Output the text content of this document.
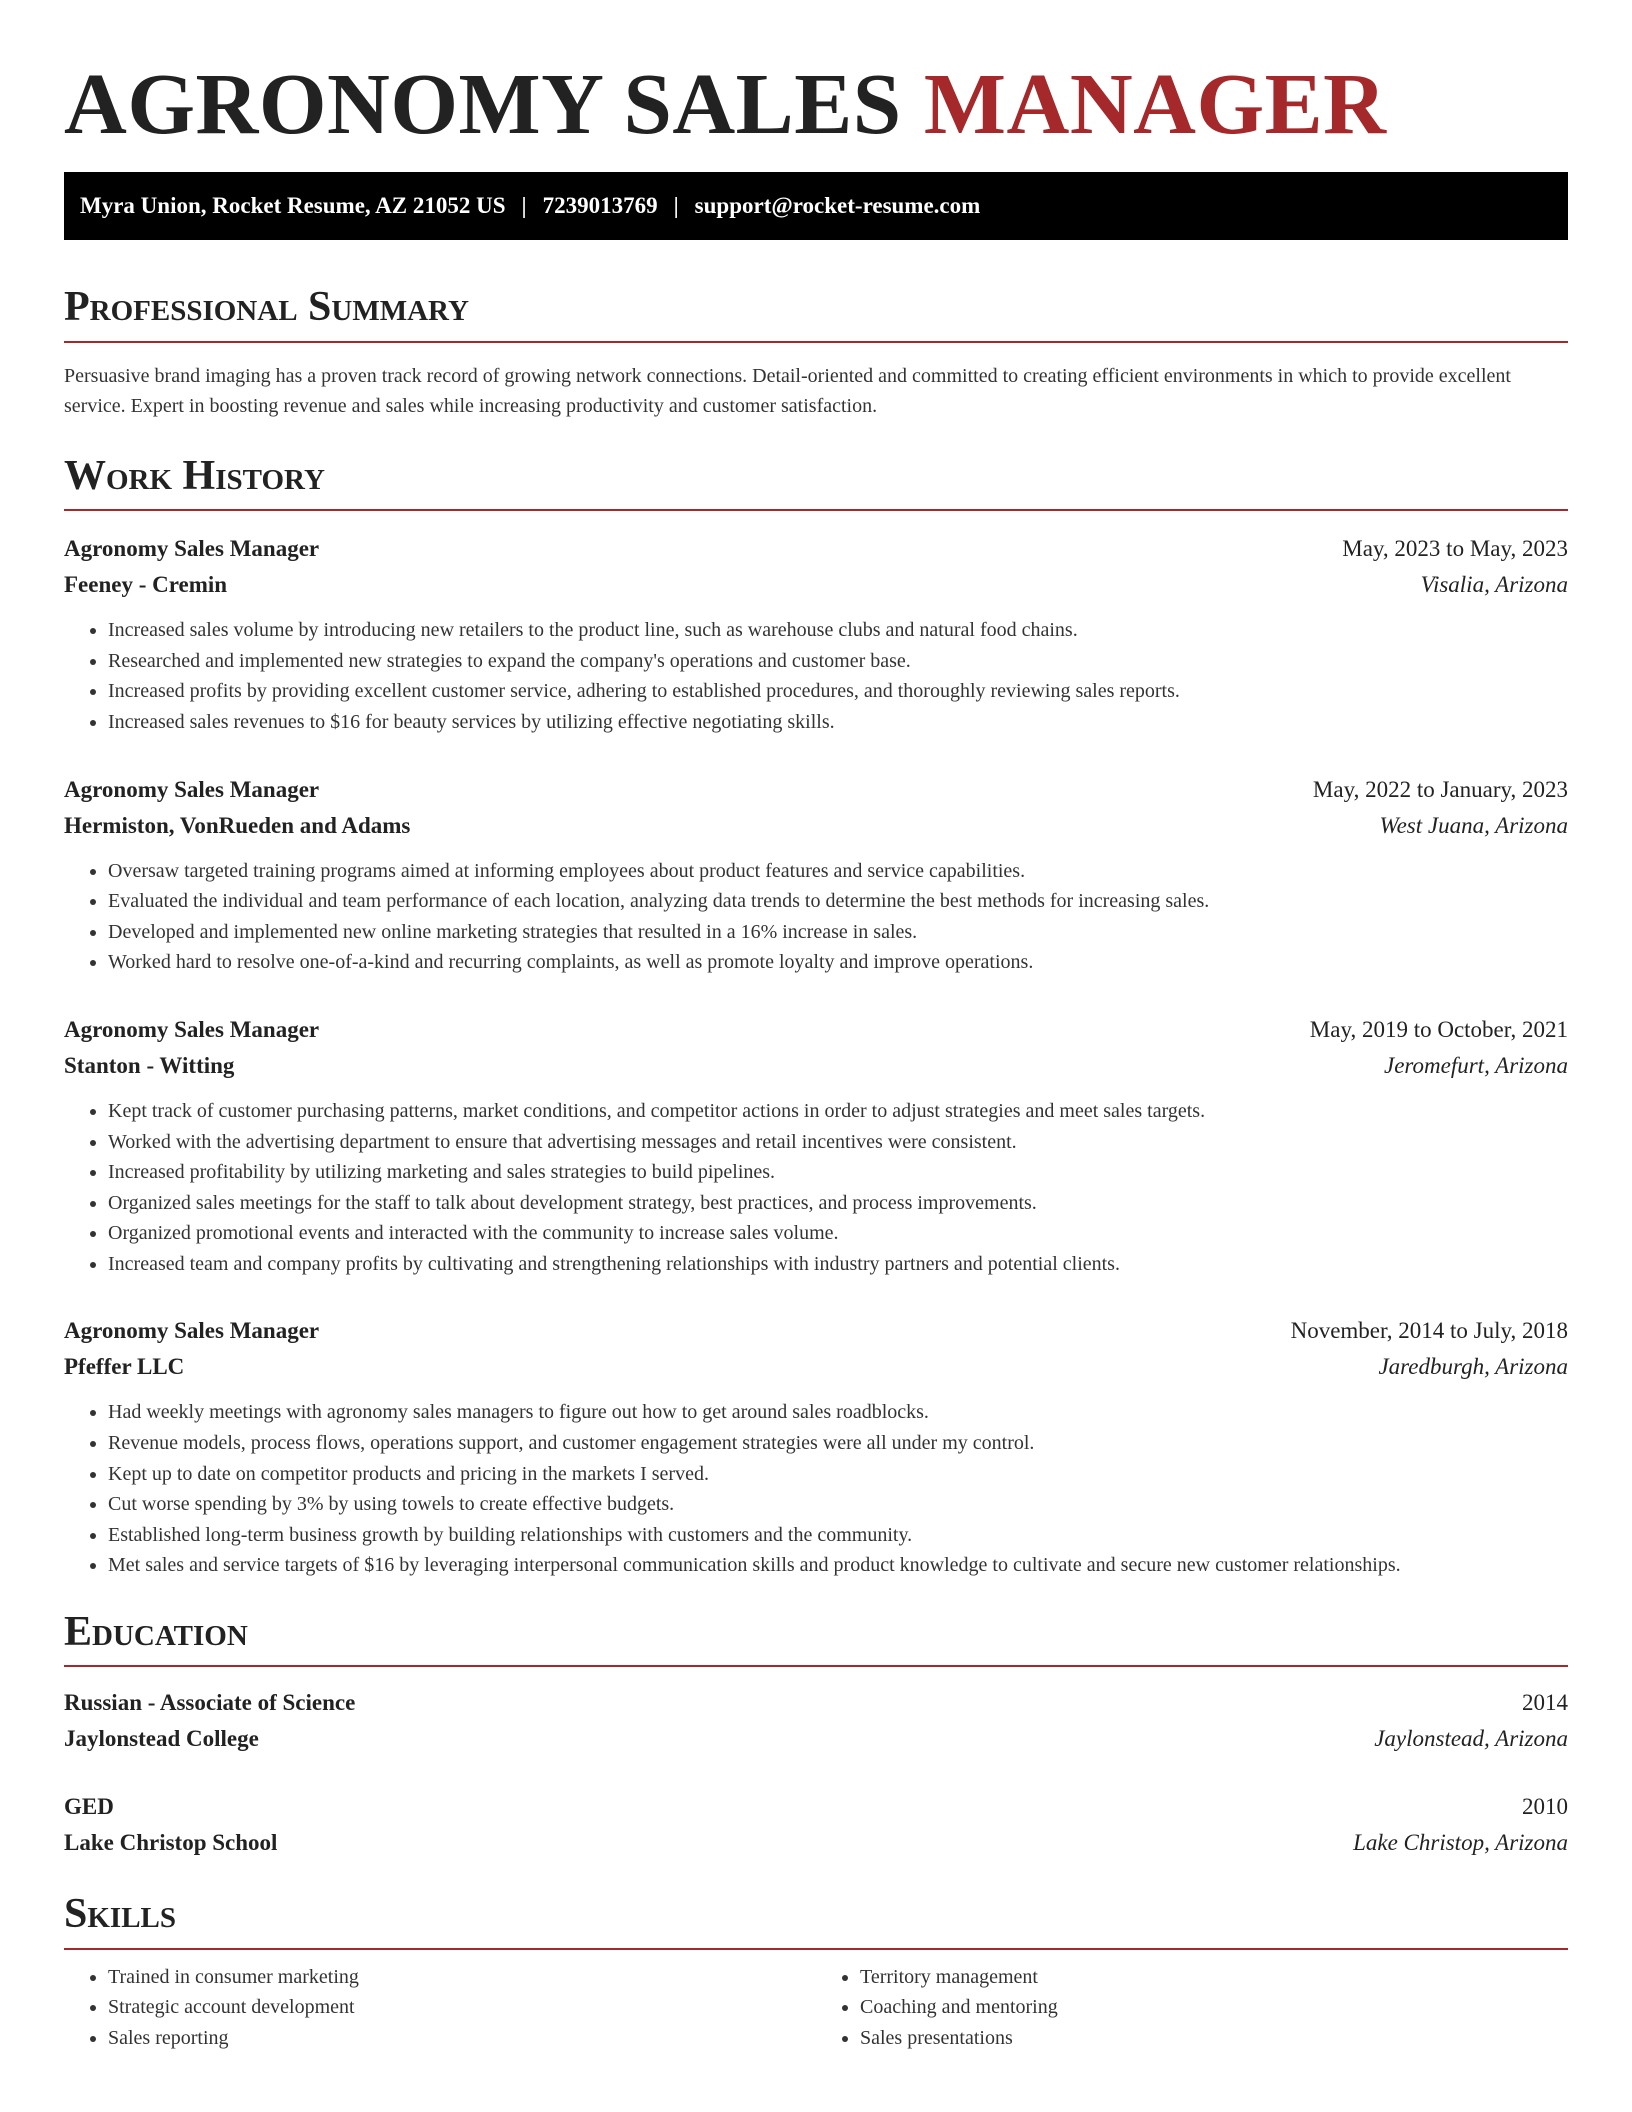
AGRONOMY SALES MANAGER
Myra Union, Rocket Resume, AZ 21052 US | 7239013769 | support@rocket-resume.com
Professional Summary

Persuasive brand imaging has a proven track record of growing network connections. Detail-oriented and committed to creating efficient environments in which to provide excellent service. Expert in boosting revenue and sales while increasing productivity and customer satisfaction.

Work History
Agronomy Sales Manager	May, 2023 to May, 2023
Feeney - Cremin	Visalia, Arizona
• Increased sales volume by introducing new retailers to the product line, such as warehouse clubs and natural food chains.
• Researched and implemented new strategies to expand the company's operations and customer base.
• Increased profits by providing excellent customer service, adhering to established procedures, and thoroughly reviewing sales reports.
• Increased sales revenues to $16 for beauty services by utilizing effective negotiating skills.
Agronomy Sales Manager	May, 2022 to January, 2023
Hermiston, VonRueden and Adams	West Juana, Arizona
• Oversaw targeted training programs aimed at informing employees about product features and service capabilities.
• Evaluated the individual and team performance of each location, analyzing data trends to determine the best methods for increasing sales.
• Developed and implemented new online marketing strategies that resulted in a 16% increase in sales.
• Worked hard to resolve one-of-a-kind and recurring complaints, as well as promote loyalty and improve operations.
Agronomy Sales Manager	May, 2019 to October, 2021
Stanton - Witting	Jeromefurt, Arizona
• Kept track of customer purchasing patterns, market conditions, and competitor actions in order to adjust strategies and meet sales targets.
• Worked with the advertising department to ensure that advertising messages and retail incentives were consistent.
• Increased profitability by utilizing marketing and sales strategies to build pipelines.
• Organized sales meetings for the staff to talk about development strategy, best practices, and process improvements.
• Organized promotional events and interacted with the community to increase sales volume.
• Increased team and company profits by cultivating and strengthening relationships with industry partners and potential clients.
Agronomy Sales Manager	November, 2014 to July, 2018
Pfeffer LLC	Jaredburgh, Arizona
• Had weekly meetings with agronomy sales managers to figure out how to get around sales roadblocks.
• Revenue models, process flows, operations support, and customer engagement strategies were all under my control.
• Kept up to date on competitor products and pricing in the markets I served.
• Cut worse spending by 3% by using towels to create effective budgets.
• Established long-term business growth by building relationships with customers and the community.
• Met sales and service targets of $16 by leveraging interpersonal communication skills and product knowledge to cultivate and secure new customer relationships.
Education
Russian - Associate of Science	2014
Jaylonstead College	Jaylonstead, Arizona
GED	2010
Lake Christop School	Lake Christop, Arizona
Skills
• Trained in consumer marketing
• Strategic account development
• Sales reporting
• Territory management
• Coaching and mentoring
• Sales presentations
